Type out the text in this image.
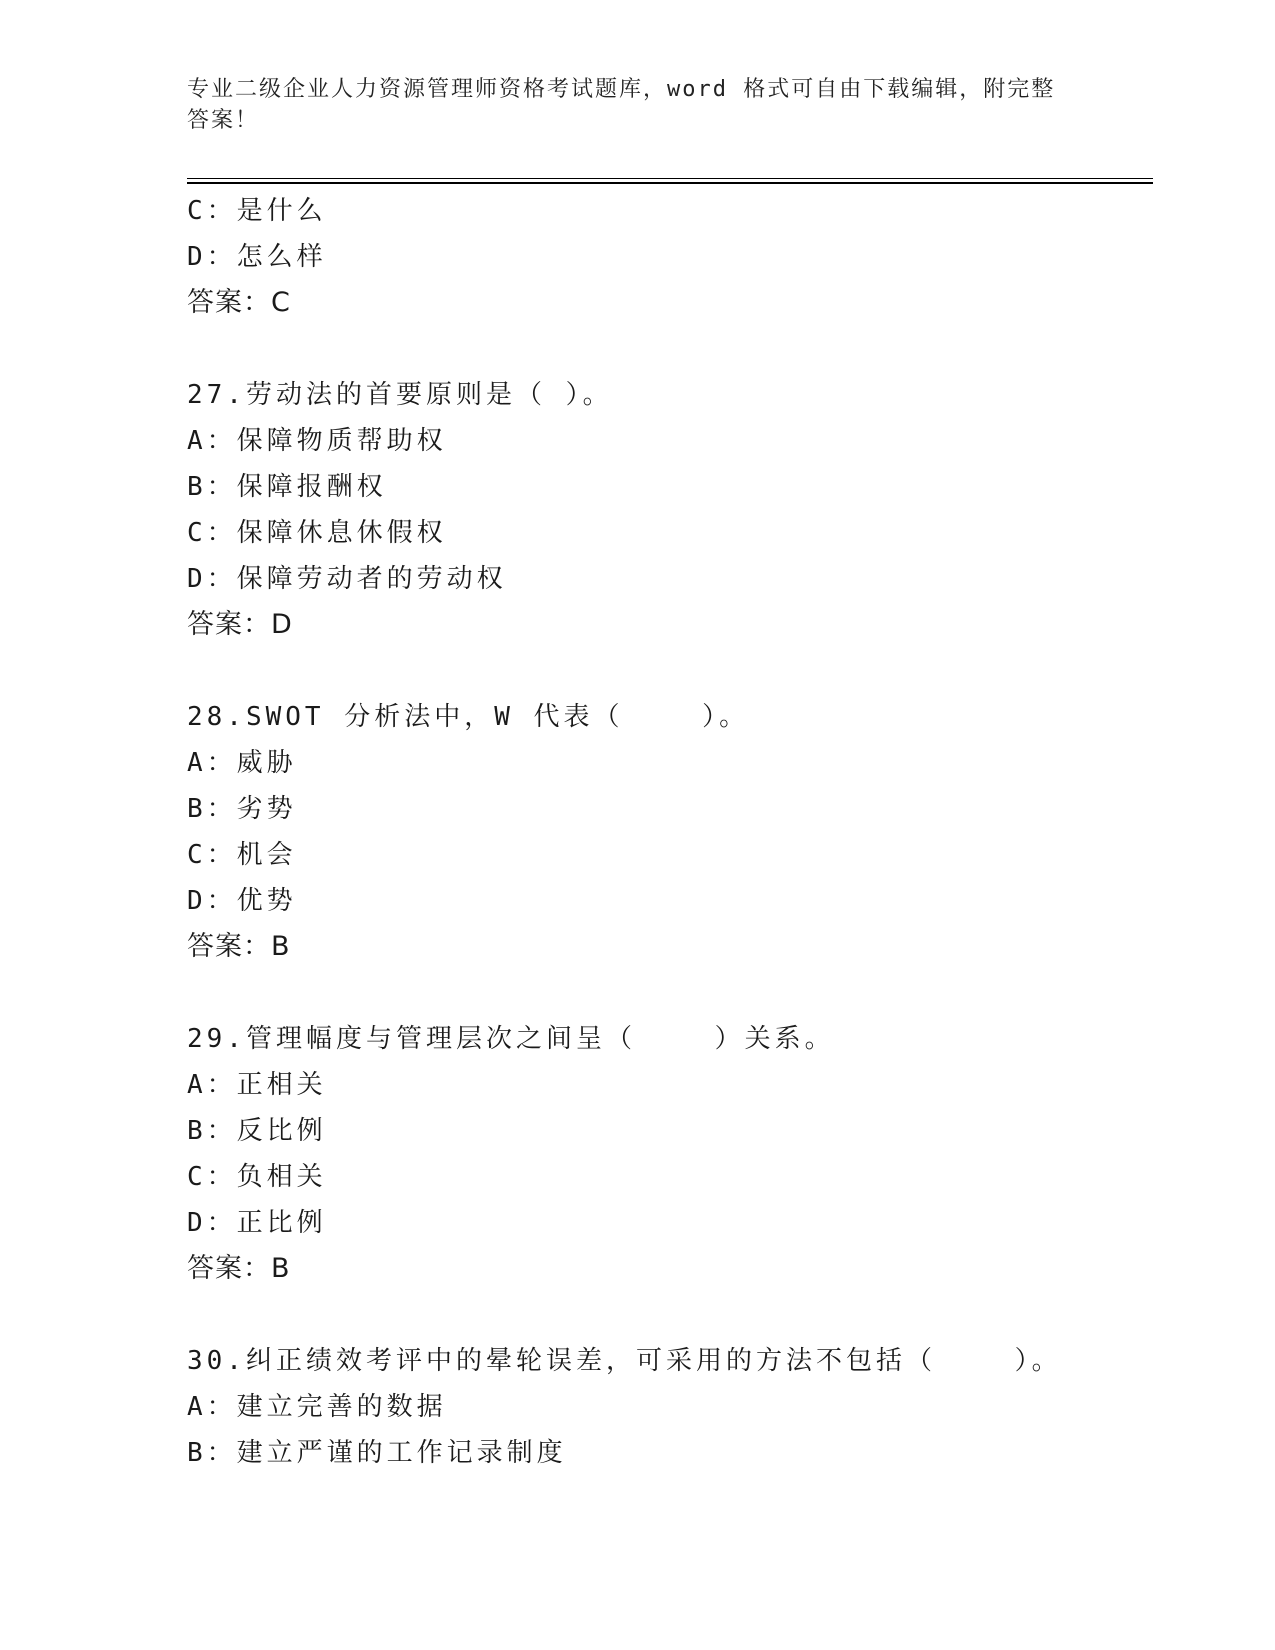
专业二级企业人力资源管理师资格考试题库，word 格式可自由下载编辑，附完整
答案！
C：是什么
D：怎么样
答案：C
27.劳动法的首要原则是（ ）。
A：保障物质帮助权
B：保障报酬权
C：保障休息休假权
D：保障劳动者的劳动权
答案：D
28.SWOT 分析法中，W 代表（    ）。
A：威胁
B：劣势
C：机会
D：优势
答案：B
29.管理幅度与管理层次之间呈（    ）关系。
A：正相关
B：反比例
C：负相关
D：正比例
答案：B
30.纠正绩效考评中的晕轮误差，可采用的方法不包括（    ）。
A：建立完善的数据
B：建立严谨的工作记录制度
